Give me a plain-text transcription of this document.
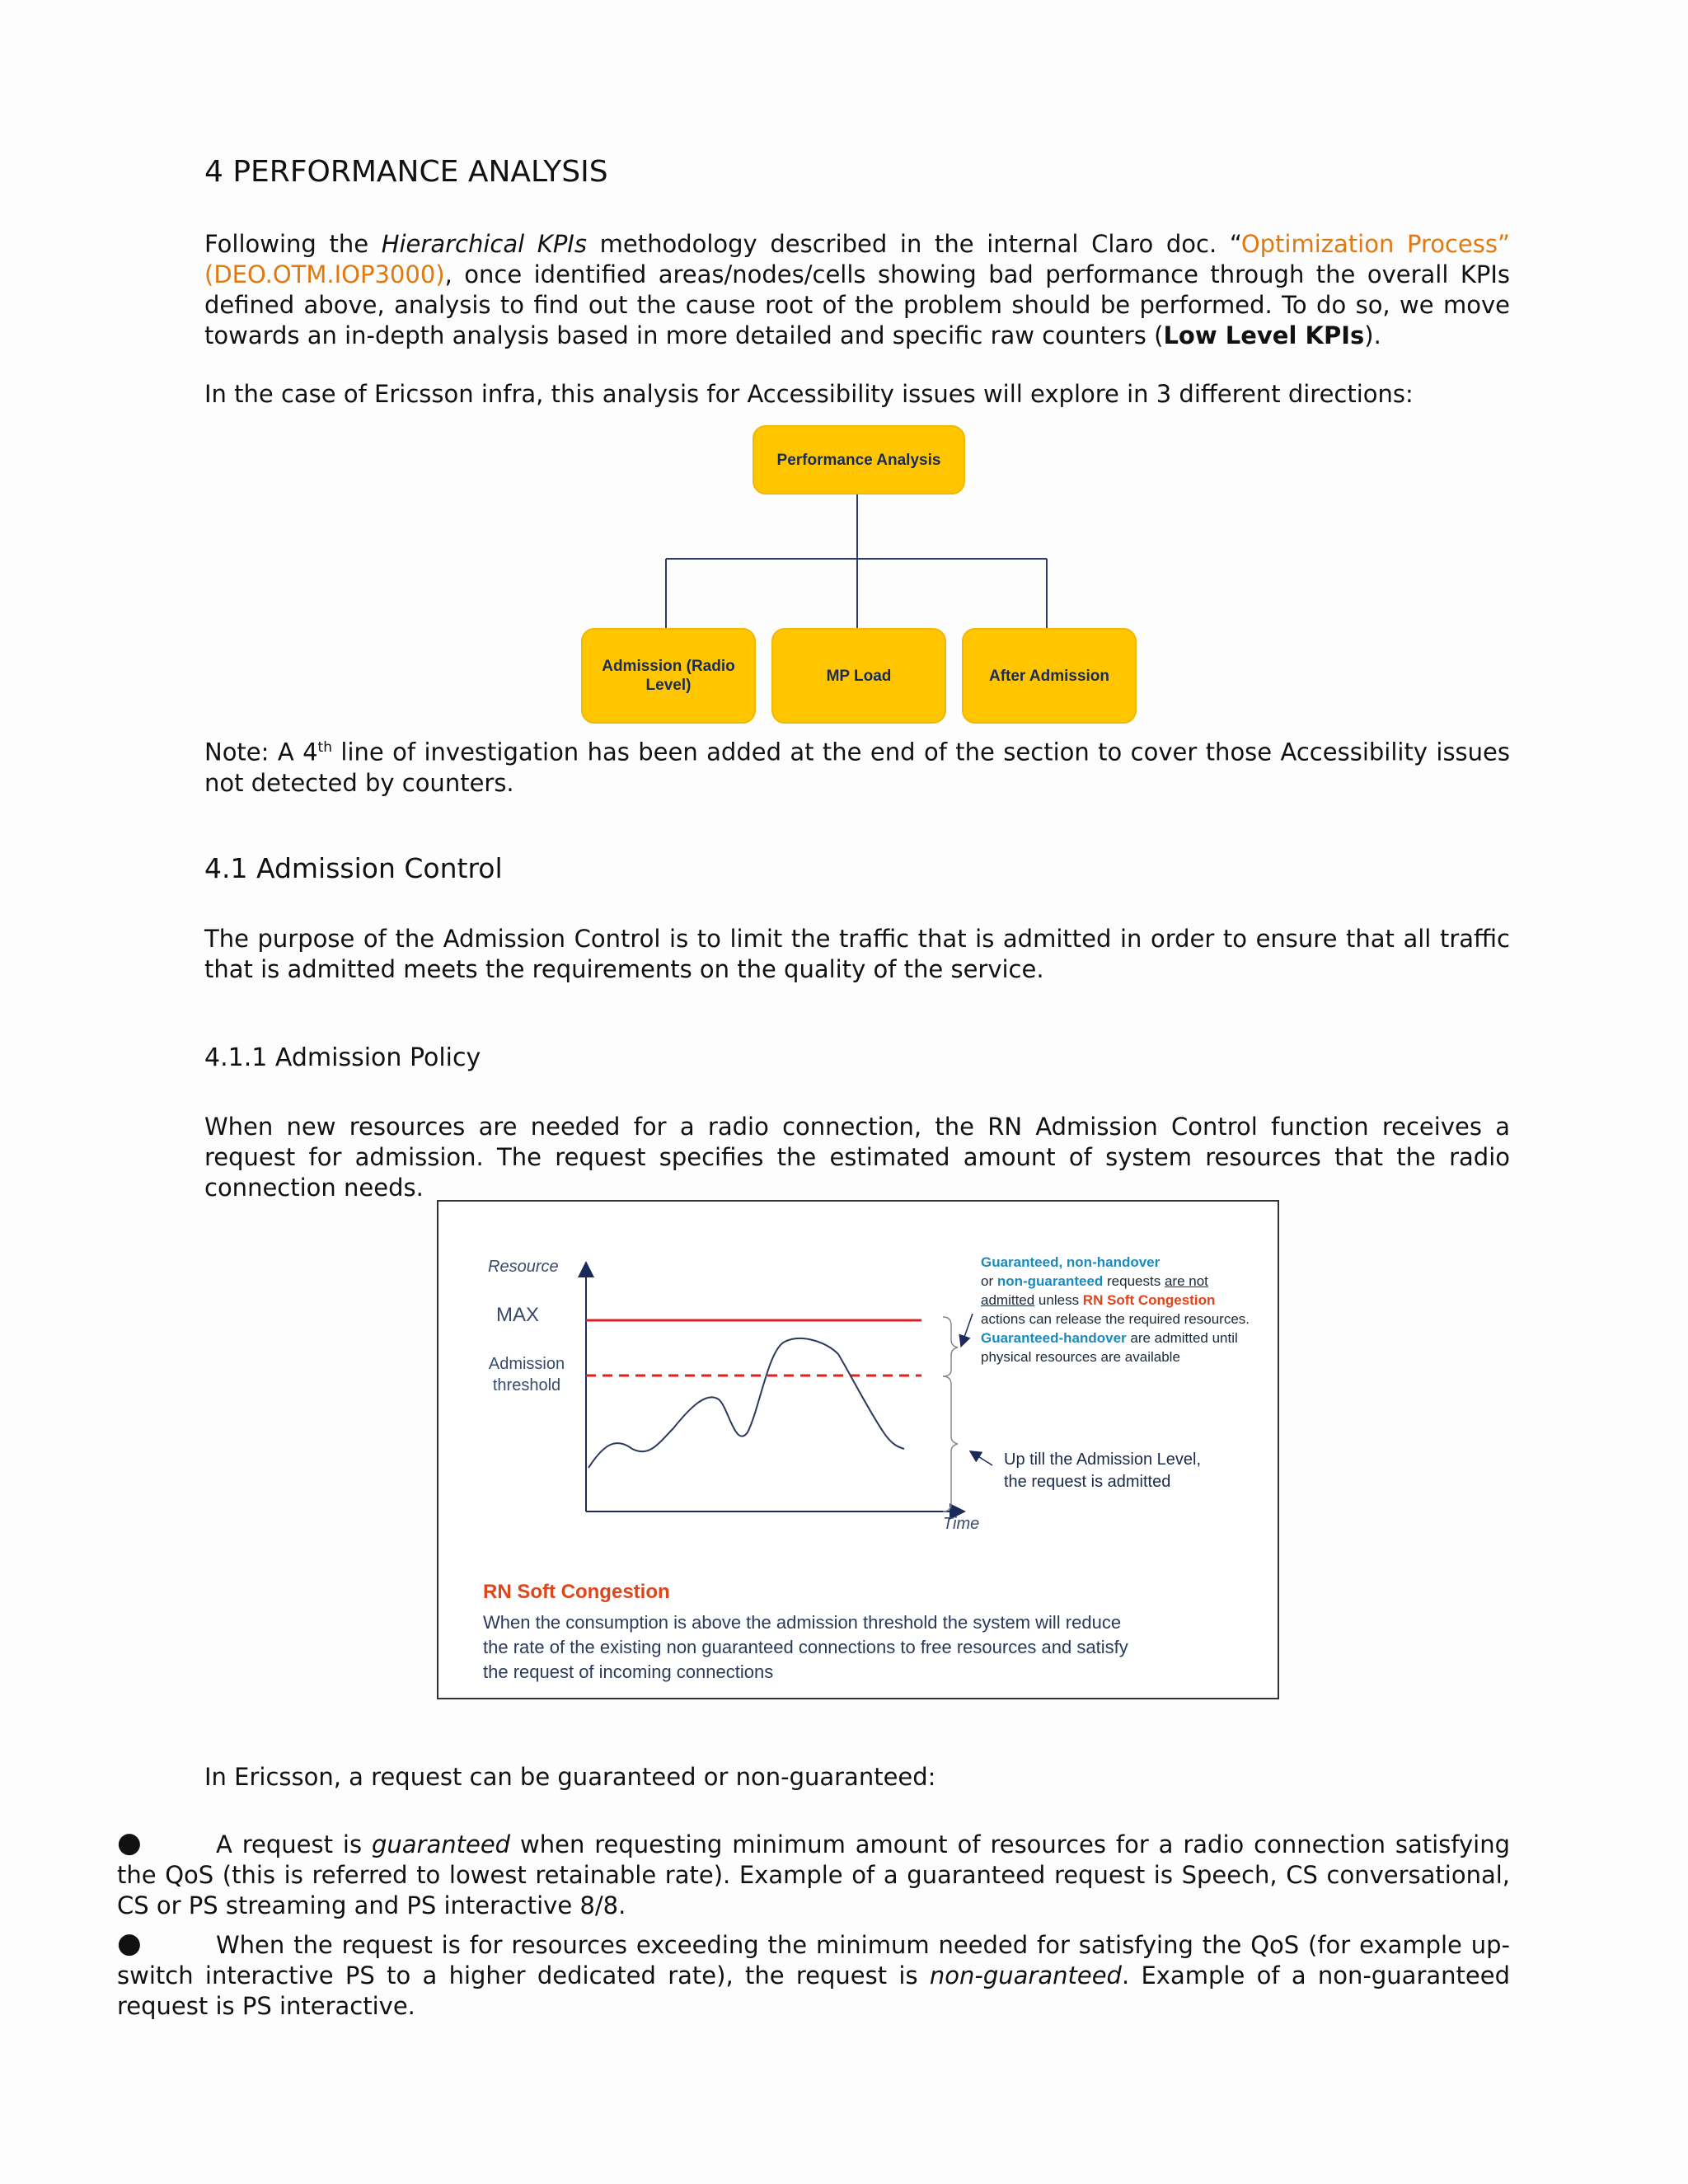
4 PERFORMANCE ANALYSIS

Following the Hierarchical KPIs methodology described in the internal Claro doc. “Optimization Process” (DEO.OTM.IOP3000), once identified areas/nodes/cells showing bad performance through the overall KPIs defined above, analysis to find out the cause root of the problem should be performed. To do so, we move towards an in-depth analysis based in more detailed and specific raw counters (Low Level KPIs).

In the case of Ericsson infra, this analysis for Accessibility issues will explore in 3 different directions:

Performance Analysis
Admission (Radio Level)
MP Load	After Admission

Note: A 4th line of investigation has been added at the end of the section to cover those Accessibility issues not detected by counters.

4.1 Admission Control

The purpose of the Admission Control is to limit the traffic that is admitted in order to ensure that all traffic that is admitted meets the requirements on the quality of the service.

4.1.1 Admission Policy

When new resources are needed for a radio connection, the RN Admission Control function receives a request for admission. The request specifies the estimated amount of system resources that the radio connection needs.

Resource
MAX
Admission
threshold
Time
Guaranteed, non-handover
or non-guaranteed requests are not admitted unless RN Soft Congestion actions can release the required resources. Guaranteed-handover are admitted until physical resources are available
Up till the Admission Level,
the request is admitted
RN Soft Congestion
When the consumption is above the admission threshold the system will reduce
the rate of the existing non guaranteed connections to free resources and satisfy
the request of incoming connections

In Ericsson, a request can be guaranteed or non-guaranteed:

●	A request is guaranteed when requesting minimum amount of resources for a radio connection satisfying the QoS (this is referred to lowest retainable rate). Example of a guaranteed request is Speech, CS conversational, CS or PS streaming and PS interactive 8/8.

●	When the request is for resources exceeding the minimum needed for satisfying the QoS (for example up-switch interactive PS to a higher dedicated rate), the request is non-guaranteed. Example of a non-guaranteed request is PS interactive.
